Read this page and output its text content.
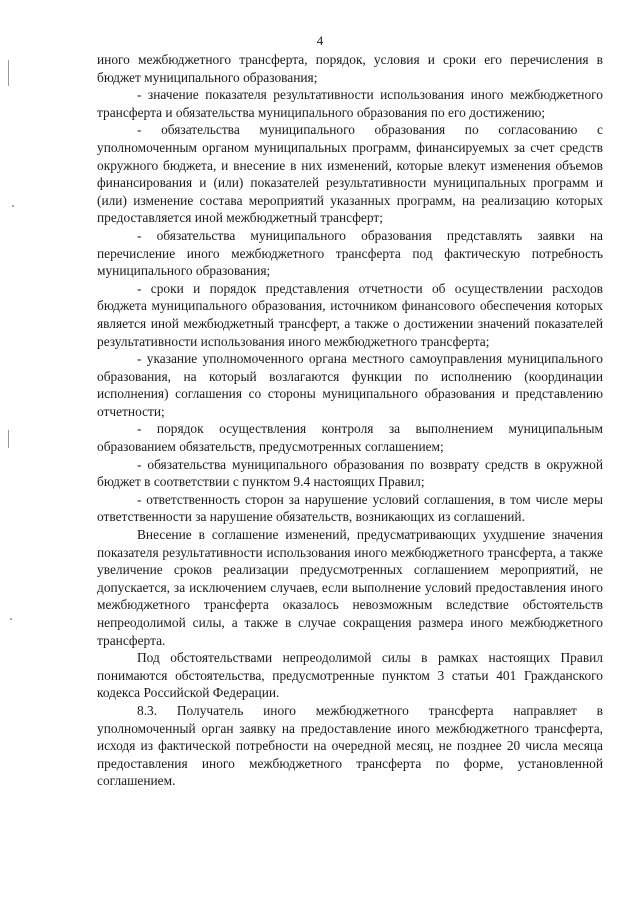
4

иного межбюджетного трансферта, порядок, условия и сроки его перечисления в бюджет муниципального образования;

- значение показателя результативности использования иного межбюджетного трансферта и обязательства муниципального образования по его достижению;

- обязательства муниципального образования по согласованию с уполномоченным органом муниципальных программ, финансируемых за счет средств окружного бюджета, и внесение в них изменений, которые влекут изменения объемов финансирования и (или) показателей результативности муниципальных программ и (или) изменение состава мероприятий указанных программ, на реализацию которых предоставляется иной межбюджетный трансферт;

- обязательства муниципального образования представлять заявки на перечисление иного межбюджетного трансферта под фактическую потребность муниципального образования;

- сроки и порядок представления отчетности об осуществлении расходов бюджета муниципального образования, источником финансового обеспечения которых является иной межбюджетный трансферт, а также о достижении значений показателей результативности использования иного межбюджетного трансферта;

- указание уполномоченного органа местного самоуправления муниципального образования, на который возлагаются функции по исполнению (координации исполнения) соглашения со стороны муниципального образования и представлению отчетности;

- порядок осуществления контроля за выполнением муниципальным образованием обязательств, предусмотренных соглашением;

- обязательства муниципального образования по возврату средств в окружной бюджет в соответствии с пунктом 9.4 настоящих Правил;

- ответственность сторон за нарушение условий соглашения, в том числе меры ответственности за нарушение обязательств, возникающих из соглашений.

Внесение в соглашение изменений, предусматривающих ухудшение значения показателя результативности использования иного межбюджетного трансферта, а также увеличение сроков реализации предусмотренных соглашением мероприятий, не допускается, за исключением случаев, если выполнение условий предоставления иного межбюджетного трансферта оказалось невозможным вследствие обстоятельств непреодолимой силы, а также в случае сокращения размера иного межбюджетного трансферта.

Под обстоятельствами непреодолимой силы в рамках настоящих Правил понимаются обстоятельства, предусмотренные пунктом 3 статьи 401 Гражданского кодекса Российской Федерации.

8.3. Получатель иного межбюджетного трансферта направляет в уполномоченный орган заявку на предоставление иного межбюджетного трансферта, исходя из фактической потребности на очередной месяц, не позднее 20 числа месяца предоставления иного межбюджетного трансферта по форме, установленной соглашением.
